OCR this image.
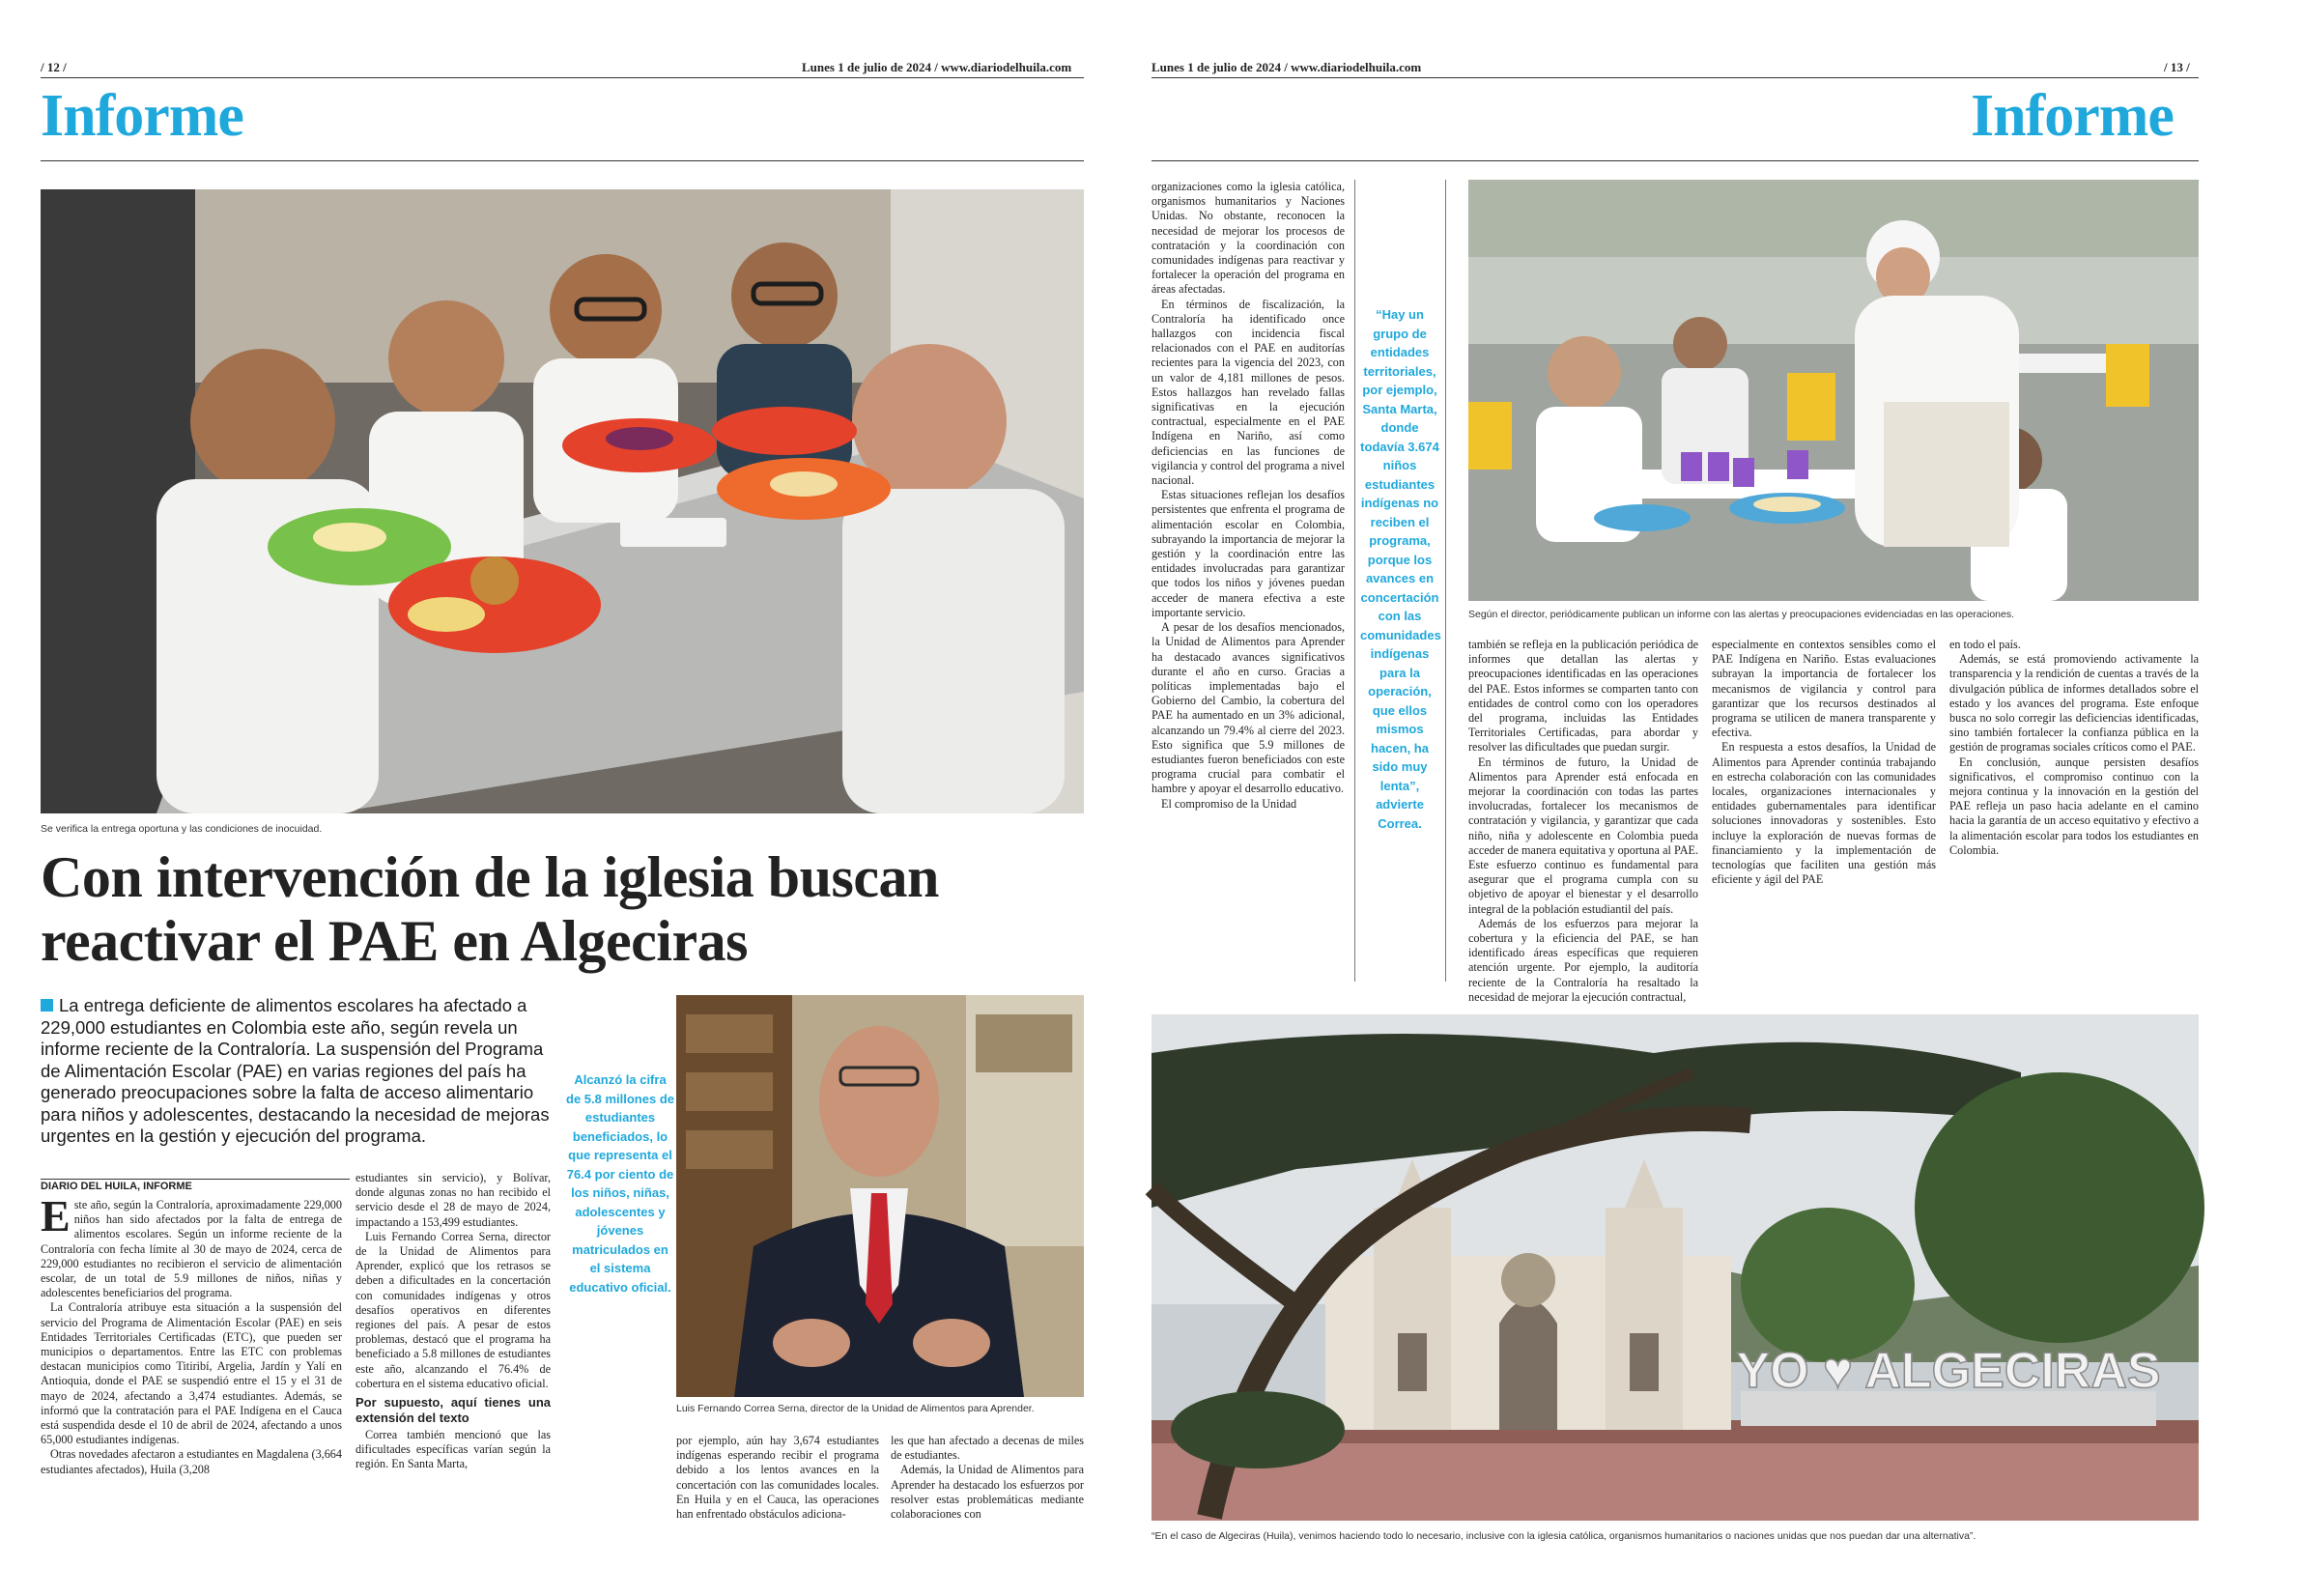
/ 12 /	Lunes 1 de julio de 2024 / www.diariodelhuila.com
Informe
Se verifica la entrega oportuna y las condiciones de inocuidad.
Con intervención de la iglesia buscan reactivar el PAE en Algeciras
La entrega deficiente de alimentos escolares ha afectado a 229,000 estudiantes en Colombia este año, según revela un informe reciente de la Contraloría. La suspensión del Programa de Alimentación Escolar (PAE) en varias regiones del país ha generado preocupaciones sobre la falta de acceso alimentario para niños y adolescentes, destacando la necesidad de mejoras urgentes en la gestión y ejecución del programa.
DIARIO DEL HUILA, INFORME

Este año, según la Contraloría, aproximadamente 229,000 niños han sido afectados por la falta de entrega de alimentos escolares. Según un informe reciente de la Contraloría con fecha límite al 30 de mayo de 2024, cerca de 229,000 estudiantes no recibieron el servicio de alimentación escolar, de un total de 5.9 millones de niños, niñas y adolescentes beneficiarios del programa.

La Contraloría atribuye esta situación a la suspensión del servicio del Programa de Alimentación Escolar (PAE) en seis Entidades Territoriales Certificadas (ETC), que pueden ser municipios o departamentos. Entre las ETC con problemas destacan municipios como Titiribí, Argelia, Jardín y Yalí en Antioquia, donde el PAE se suspendió entre el 15 y el 31 de mayo de 2024, afectando a 3,474 estudiantes. Además, se informó que la contratación para el PAE Indígena en el Cauca está suspendida desde el 10 de abril de 2024, afectando a unos 65,000 estudiantes indígenas.

Otras novedades afectaron a estudiantes en Magdalena (3,664 estudiantes afectados), Huila (3,208

estudiantes sin servicio), y Bolívar, donde algunas zonas no han recibido el servicio desde el 28 de mayo de 2024, impactando a 153,499 estudiantes.

Luis Fernando Correa Serna, director de la Unidad de Alimentos para Aprender, explicó que los retrasos se deben a dificultades en la concertación con comunidades indígenas y otros desafíos operativos en diferentes regiones del país. A pesar de estos problemas, destacó que el programa ha beneficiado a 5.8 millones de estudiantes este año, alcanzando el 76.4% de cobertura en el sistema educativo oficial.

Por supuesto, aquí tienes una extensión del texto

Correa también mencionó que las dificultades específicas varían según la región. En Santa Marta,

Alcanzó la cifra de 5.8 millones de estudiantes beneficiados, lo que representa el 76.4 por ciento de los niños, niñas, adolescentes y jóvenes matriculados en el sistema educativo oficial.
Luis Fernando Correa Serna, director de la Unidad de Alimentos para Aprender.

por ejemplo, aún hay 3,674 estudiantes indígenas esperando recibir el programa debido a los lentos avances en la concertación con las comunidades locales. En Huila y en el Cauca, las operaciones han enfrentado obstáculos adiciona-

les que han afectado a decenas de miles de estudiantes.

Además, la Unidad de Alimentos para Aprender ha destacado los esfuerzos por resolver estas problemáticas mediante colaboraciones con

Lunes 1 de julio de 2024 / www.diariodelhuila.com	/ 13 /
Informe

organizaciones como la iglesia católica, organismos humanitarios y Naciones Unidas. No obstante, reconocen la necesidad de mejorar los procesos de contratación y la coordinación con comunidades indígenas para reactivar y fortalecer la operación del programa en áreas afectadas.

En términos de fiscalización, la Contraloría ha identificado once hallazgos con incidencia fiscal relacionados con el PAE en auditorías recientes para la vigencia del 2023, con un valor de 4,181 millones de pesos. Estos hallazgos han revelado fallas significativas en la ejecución contractual, especialmente en el PAE Indígena en Nariño, así como deficiencias en las funciones de vigilancia y control del programa a nivel nacional.

Estas situaciones reflejan los desafíos persistentes que enfrenta el programa de alimentación escolar en Colombia, subrayando la importancia de mejorar la gestión y la coordinación entre las entidades involucradas para garantizar que todos los niños y jóvenes puedan acceder de manera efectiva a este importante servicio.

A pesar de los desafíos mencionados, la Unidad de Alimentos para Aprender ha destacado avances significativos durante el año en curso. Gracias a políticas implementadas bajo el Gobierno del Cambio, la cobertura del PAE ha aumentado en un 3% adicional, alcanzando un 79.4% al cierre del 2023. Esto significa que 5.9 millones de estudiantes fueron beneficiados con este programa crucial para combatir el hambre y apoyar el desarrollo educativo.

El compromiso de la Unidad

“Hay un grupo de entidades territoriales, por ejemplo, Santa Marta, donde todavía 3.674 niños estudiantes indígenas no reciben el programa, porque los avances en concertación con las comunidades indígenas para la operación, que ellos mismos hacen, ha sido muy lenta”, advierte Correa.
Según el director, periódicamente publican un informe con las alertas y preocupaciones evidenciadas en las operaciones.

también se refleja en la publicación periódica de informes que detallan las alertas y preocupaciones identificadas en las operaciones del PAE. Estos informes se comparten tanto con entidades de control como con los operadores del programa, incluidas las Entidades Territoriales Certificadas, para abordar y resolver las dificultades que puedan surgir.

En términos de futuro, la Unidad de Alimentos para Aprender está enfocada en mejorar la coordinación con todas las partes involucradas, fortalecer los mecanismos de contratación y vigilancia, y garantizar que cada niño, niña y adolescente en Colombia pueda acceder de manera equitativa y oportuna al PAE. Este esfuerzo continuo es fundamental para asegurar que el programa cumpla con su objetivo de apoyar el bienestar y el desarrollo integral de la población estudiantil del país.

Además de los esfuerzos para mejorar la cobertura y la eficiencia del PAE, se han identificado áreas específicas que requieren atención urgente. Por ejemplo, la auditoría reciente de la Contraloría ha resaltado la necesidad de mejorar la ejecución contractual,

especialmente en contextos sensibles como el PAE Indígena en Nariño. Estas evaluaciones subrayan la importancia de fortalecer los mecanismos de vigilancia y control para garantizar que los recursos destinados al programa se utilicen de manera transparente y efectiva.

En respuesta a estos desafíos, la Unidad de Alimentos para Aprender continúa trabajando en estrecha colaboración con las comunidades locales, organizaciones internacionales y entidades gubernamentales para identificar soluciones innovadoras y sostenibles. Esto incluye la exploración de nuevas formas de financiamiento y la implementación de tecnologías que faciliten una gestión más eficiente y ágil del PAE

en todo el país.

Además, se está promoviendo activamente la transparencia y la rendición de cuentas a través de la divulgación pública de informes detallados sobre el estado y los avances del programa. Este enfoque busca no solo corregir las deficiencias identificadas, sino también fortalecer la confianza pública en la gestión de programas sociales críticos como el PAE.

En conclusión, aunque persisten desafíos significativos, el compromiso continuo con la mejora continua y la innovación en la gestión del PAE refleja un paso hacia adelante en el camino hacia la garantía de un acceso equitativo y efectivo a la alimentación escolar para todos los estudiantes en Colombia.

YO ♥ ALGECIRAS
“En el caso de Algeciras (Huila), venimos haciendo todo lo necesario, inclusive con la iglesia católica, organismos humanitarios o naciones unidas que nos puedan dar una alternativa”.
